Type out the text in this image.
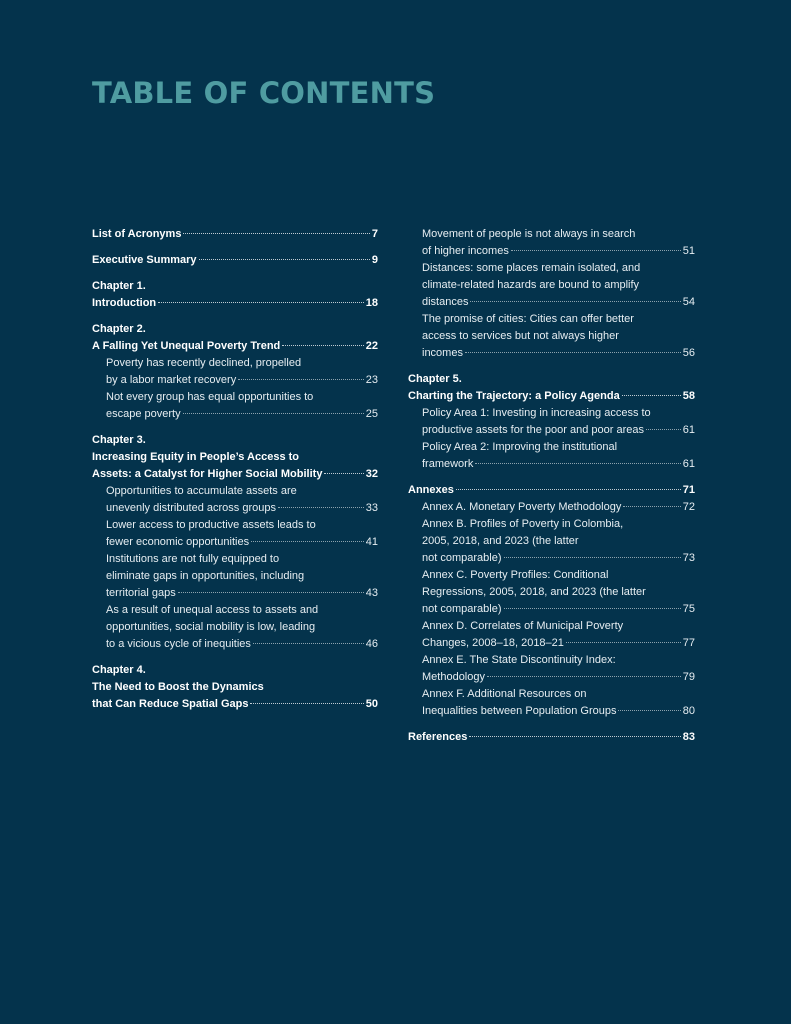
TABLE OF CONTENTS
List of Acronyms	7
Executive Summary	9
Chapter 1.
Introduction	18
Chapter 2.
A Falling Yet Unequal Poverty Trend	22
Poverty has recently declined, propelled
by a labor market recovery	23
Not every group has equal opportunities to
escape poverty	25
Chapter 3.
Increasing Equity in People’s Access to
Assets: a Catalyst for Higher Social Mobility	32
Opportunities to accumulate assets are
unevenly distributed across groups	33
Lower access to productive assets leads to
fewer economic opportunities	41
Institutions are not fully equipped to
eliminate gaps in opportunities, including
territorial gaps	43
As a result of unequal access to assets and
opportunities, social mobility is low, leading
to a vicious cycle of inequities	46
Chapter 4.
The Need to Boost the Dynamics
that Can Reduce Spatial Gaps	50
Movement of people is not always in search
of higher incomes	51
Distances: some places remain isolated, and
climate-related hazards are bound to amplify
distances	54
The promise of cities: Cities can offer better
access to services but not always higher
incomes	56
Chapter 5.
Charting the Trajectory: a Policy Agenda	58
Policy Area 1: Investing in increasing access to
productive assets for the poor and poor areas	61
Policy Area 2: Improving the institutional
framework	61
Annexes	71
Annex A. Monetary Poverty Methodology	72
Annex B. Profiles of Poverty in Colombia,
2005, 2018, and 2023 (the latter
not comparable)	73
Annex C. Poverty Profiles: Conditional
Regressions, 2005, 2018, and 2023 (the latter
not comparable)	75
Annex D. Correlates of Municipal Poverty
Changes, 2008–18, 2018–21	77
Annex E. The State Discontinuity Index:
Methodology	79
Annex F. Additional Resources on
Inequalities between Population Groups	80
References	83
